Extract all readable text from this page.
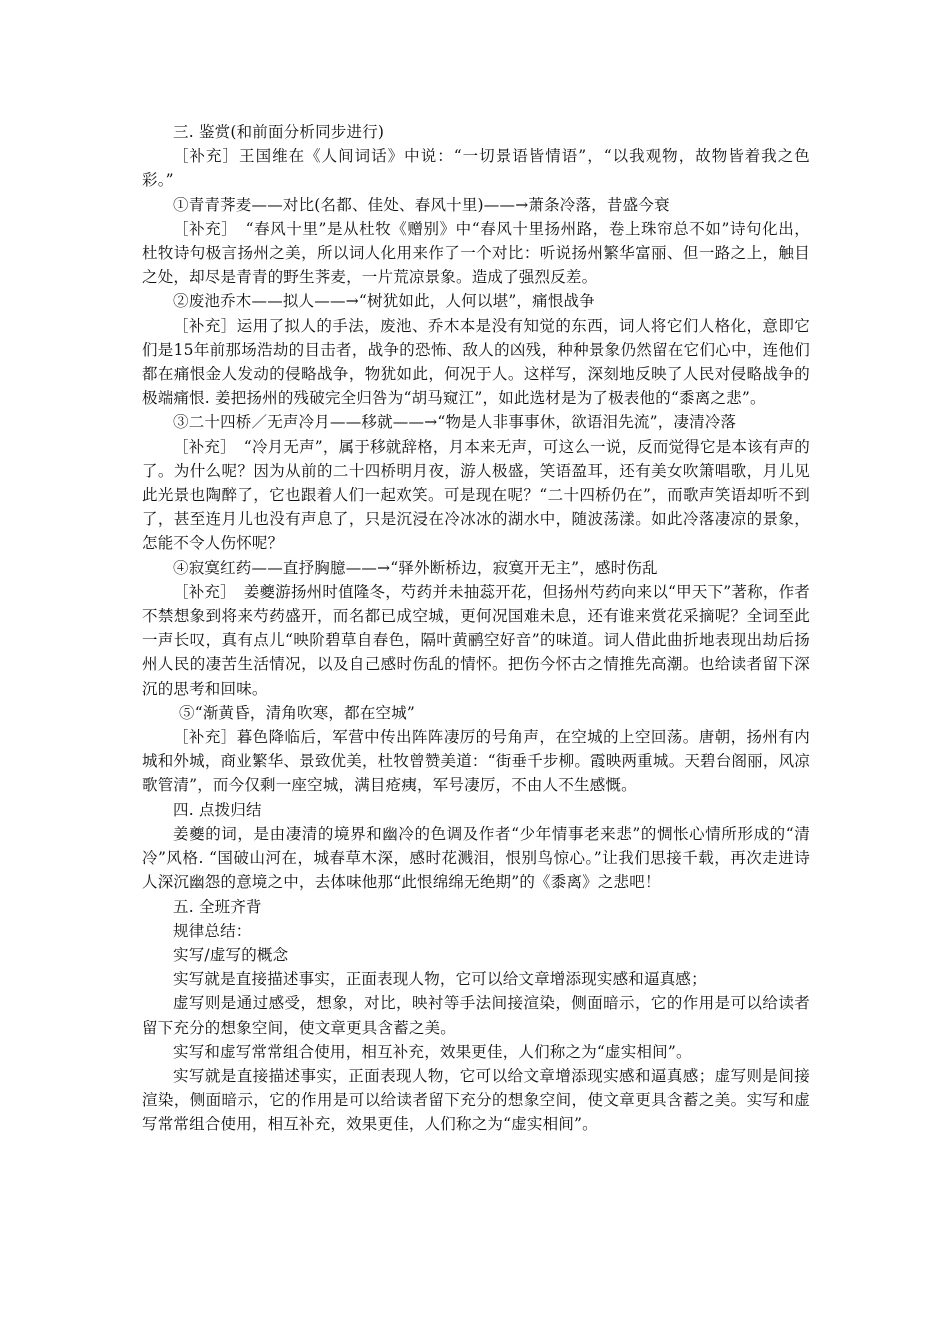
三. 鉴赏(和前面分析同步进行)

［补充］王国维在《人间词话》中说：“一切景语皆情语”，“以我观物，故物皆着我之色彩。”

①青青荠麦——对比(名都、佳处、春风十里)——→萧条冷落，昔盛今衰

［补充］　“春风十里”是从杜牧《赠别》中“春风十里扬州路，卷上珠帘总不如”诗句化出，杜牧诗句极言扬州之美，所以词人化用来作了一个对比：听说扬州繁华富丽、但一路之上，触目之处，却尽是青青的野生荠麦，一片荒凉景象。造成了强烈反差。

②废池乔木——拟人——→“树犹如此，人何以堪”，痛恨战争

［补充］运用了拟人的手法，废池、乔木本是没有知觉的东西，词人将它们人格化，意即它们是15年前那场浩劫的目击者，战争的恐怖、敌人的凶残，种种景象仍然留在它们心中，连他们都在痛恨金人发动的侵略战争，物犹如此，何况于人。这样写，深刻地反映了人民对侵略战争的极端痛恨. 姜把扬州的残破完全归咎为“胡马窥江”，如此选材是为了极表他的“黍离之悲”。

③二十四桥／无声冷月——移就——→“物是人非事事休，欲语泪先流”，凄清冷落

［补充］　“冷月无声”，属于移就辞格，月本来无声，可这么一说，反而觉得它是本该有声的了。为什么呢？因为从前的二十四桥明月夜，游人极盛，笑语盈耳，还有美女吹箫唱歌，月儿见此光景也陶醉了，它也跟着人们一起欢笑。可是现在呢？“二十四桥仍在”，而歌声笑语却听不到了，甚至连月儿也没有声息了，只是沉浸在冷冰冰的湖水中，随波荡漾。如此冷落凄凉的景象，怎能不令人伤怀呢？

④寂寞红药——直抒胸臆——→“驿外断桥边，寂寞开无主”，感时伤乱

［补充］　姜夔游扬州时值隆冬，芍药并未抽蕊开花，但扬州芍药向来以“甲天下”著称，作者不禁想象到将来芍药盛开，而名都已成空城，更何况国难未息，还有谁来赏花采摘呢？全词至此一声长叹，真有点儿“映阶碧草自春色，隔叶黄鹂空好音”的味道。词人借此曲折地表现出劫后扬州人民的凄苦生活情况，以及自己感时伤乱的情怀。把伤今怀古之情推先高潮。也给读者留下深沉的思考和回味。

⑤“渐黄昏，清角吹寒，都在空城”

［补充］暮色降临后，军营中传出阵阵凄厉的号角声，在空城的上空回荡。唐朝，扬州有内城和外城，商业繁华、景致优美，杜牧曾赞美道：“街垂千步柳。霞映两重城。天碧台阁丽，风凉歌管清”，而今仅剩一座空城，满目疮痍，军号凄厉，不由人不生感慨。

四. 点拨归结

姜夔的词，是由凄清的境界和幽冷的色调及作者“少年情事老来悲”的惆怅心情所形成的“清冷”风格. “国破山河在，城春草木深，感时花溅泪，恨别鸟惊心。”让我们思接千载，再次走进诗人深沉幽怨的意境之中，去体味他那“此恨绵绵无绝期”的《黍离》之悲吧！

五. 全班齐背

规律总结：

实写/虚写的概念

实写就是直接描述事实，正面表现人物，它可以给文章增添现实感和逼真感；

虚写则是通过感受，想象，对比，映衬等手法间接渲染，侧面暗示，它的作用是可以给读者留下充分的想象空间，使文章更具含蓄之美。

实写和虚写常常组合使用，相互补充，效果更佳，人们称之为“虚实相间”。

实写就是直接描述事实，正面表现人物，它可以给文章增添现实感和逼真感；虚写则是间接渲染，侧面暗示，它的作用是可以给读者留下充分的想象空间，使文章更具含蓄之美。实写和虚写常常组合使用，相互补充，效果更佳，人们称之为“虚实相间”。
